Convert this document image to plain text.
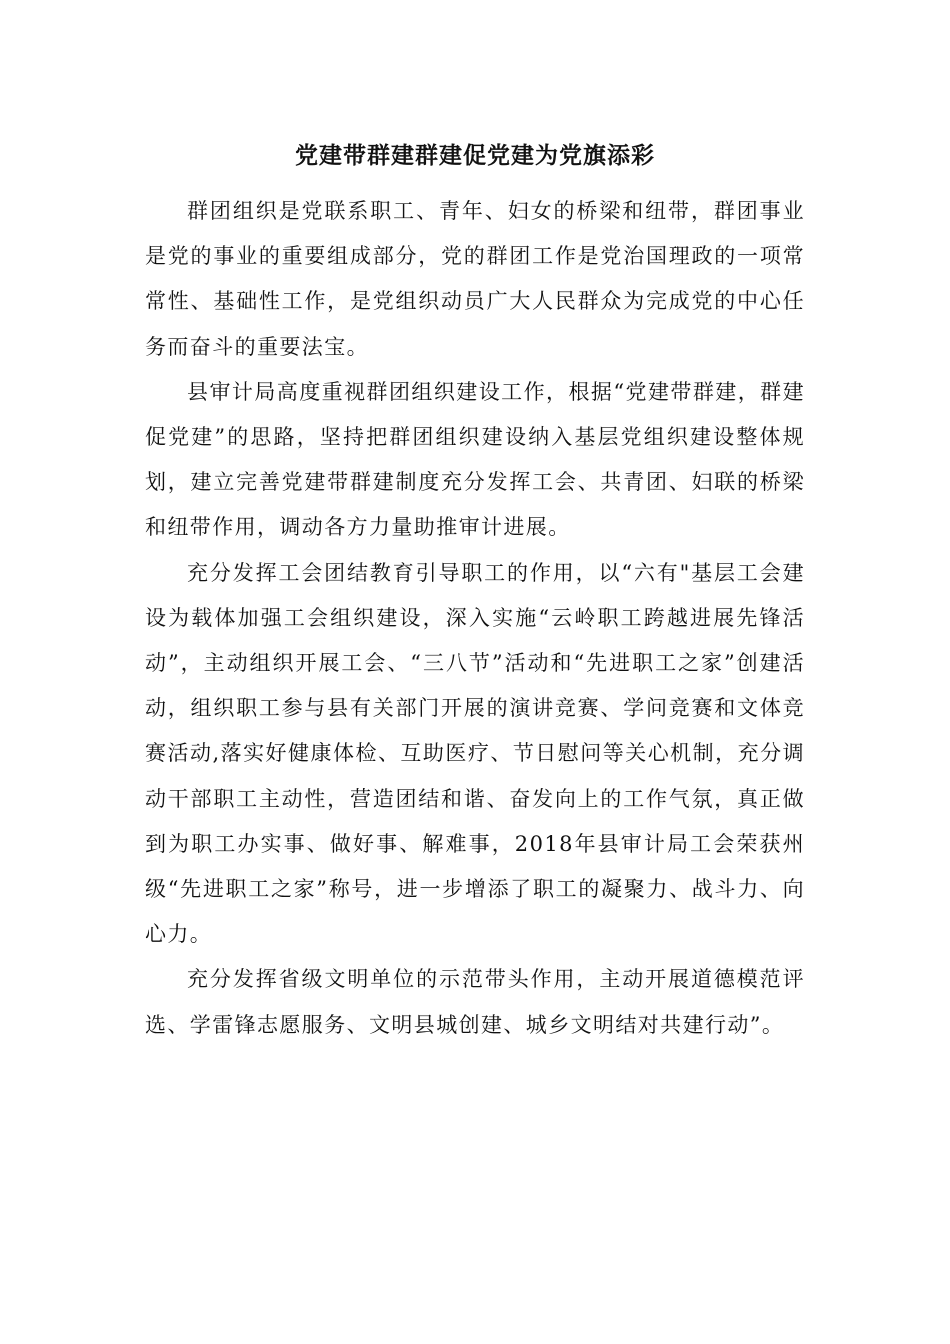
党建带群建群建促党建为党旗添彩

群团组织是党联系职工、青年、妇女的桥梁和纽带，群团事业是党的事业的重要组成部分，党的群团工作是党治国理政的一项常常性、基础性工作，是党组织动员广大人民群众为完成党的中心任务而奋斗的重要法宝。

县审计局高度重视群团组织建设工作，根据“党建带群建，群建促党建”的思路，坚持把群团组织建设纳入基层党组织建设整体规划，建立完善党建带群建制度充分发挥工会、共青团、妇联的桥梁和纽带作用，调动各方力量助推审计进展。

充分发挥工会团结教育引导职工的作用，以“六有"基层工会建设为载体加强工会组织建设，深入实施“云岭职工跨越进展先锋活动”，主动组织开展工会、“三八节”活动和“先进职工之家”创建活动，组织职工参与县有关部门开展的演讲竞赛、学问竞赛和文体竞赛活动,落实好健康体检、互助医疗、节日慰问等关心机制，充分调动干部职工主动性，营造团结和谐、奋发向上的工作气氛，真正做到为职工办实事、做好事、解难事，2018年县审计局工会荣获州级“先进职工之家”称号，进一步增添了职工的凝聚力、战斗力、向心力。

充分发挥省级文明单位的示范带头作用，主动开展道德模范评选、学雷锋志愿服务、文明县城创建、城乡文明结对共建行动”。
